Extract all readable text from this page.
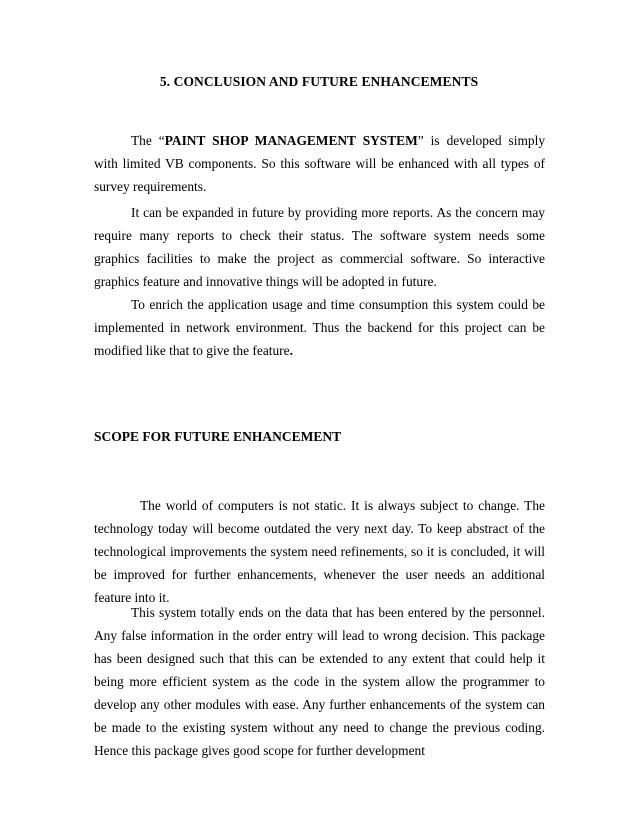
5. CONCLUSION AND FUTURE ENHANCEMENTS

The “PAINT SHOP MANAGEMENT SYSTEM” is developed simply with limited VB components. So this software will be enhanced with all types of survey requirements.

It can be expanded in future by providing more reports. As the concern may require many reports to check their status. The software system needs some graphics facilities to make the project as commercial software. So interactive graphics feature and innovative things will be adopted in future.

To enrich the application usage and time consumption this system could be implemented in network environment. Thus the backend for this project can be modified like that to give the feature.

SCOPE FOR FUTURE ENHANCEMENT

The world of computers is not static. It is always subject to change. The technology today will become outdated the very next day. To keep abstract of the technological improvements the system need refinements, so it is concluded, it will be improved for further enhancements, whenever the user needs an additional feature into it.

This system totally ends on the data that has been entered by the personnel. Any false information in the order entry will lead to wrong decision. This package has been designed such that this can be extended to any extent that could help it being more efficient system as the code in the system allow the programmer to develop any other modules with ease. Any further enhancements of the system can be made to the existing system without any need to change the previous coding. Hence this package gives good scope for further development
